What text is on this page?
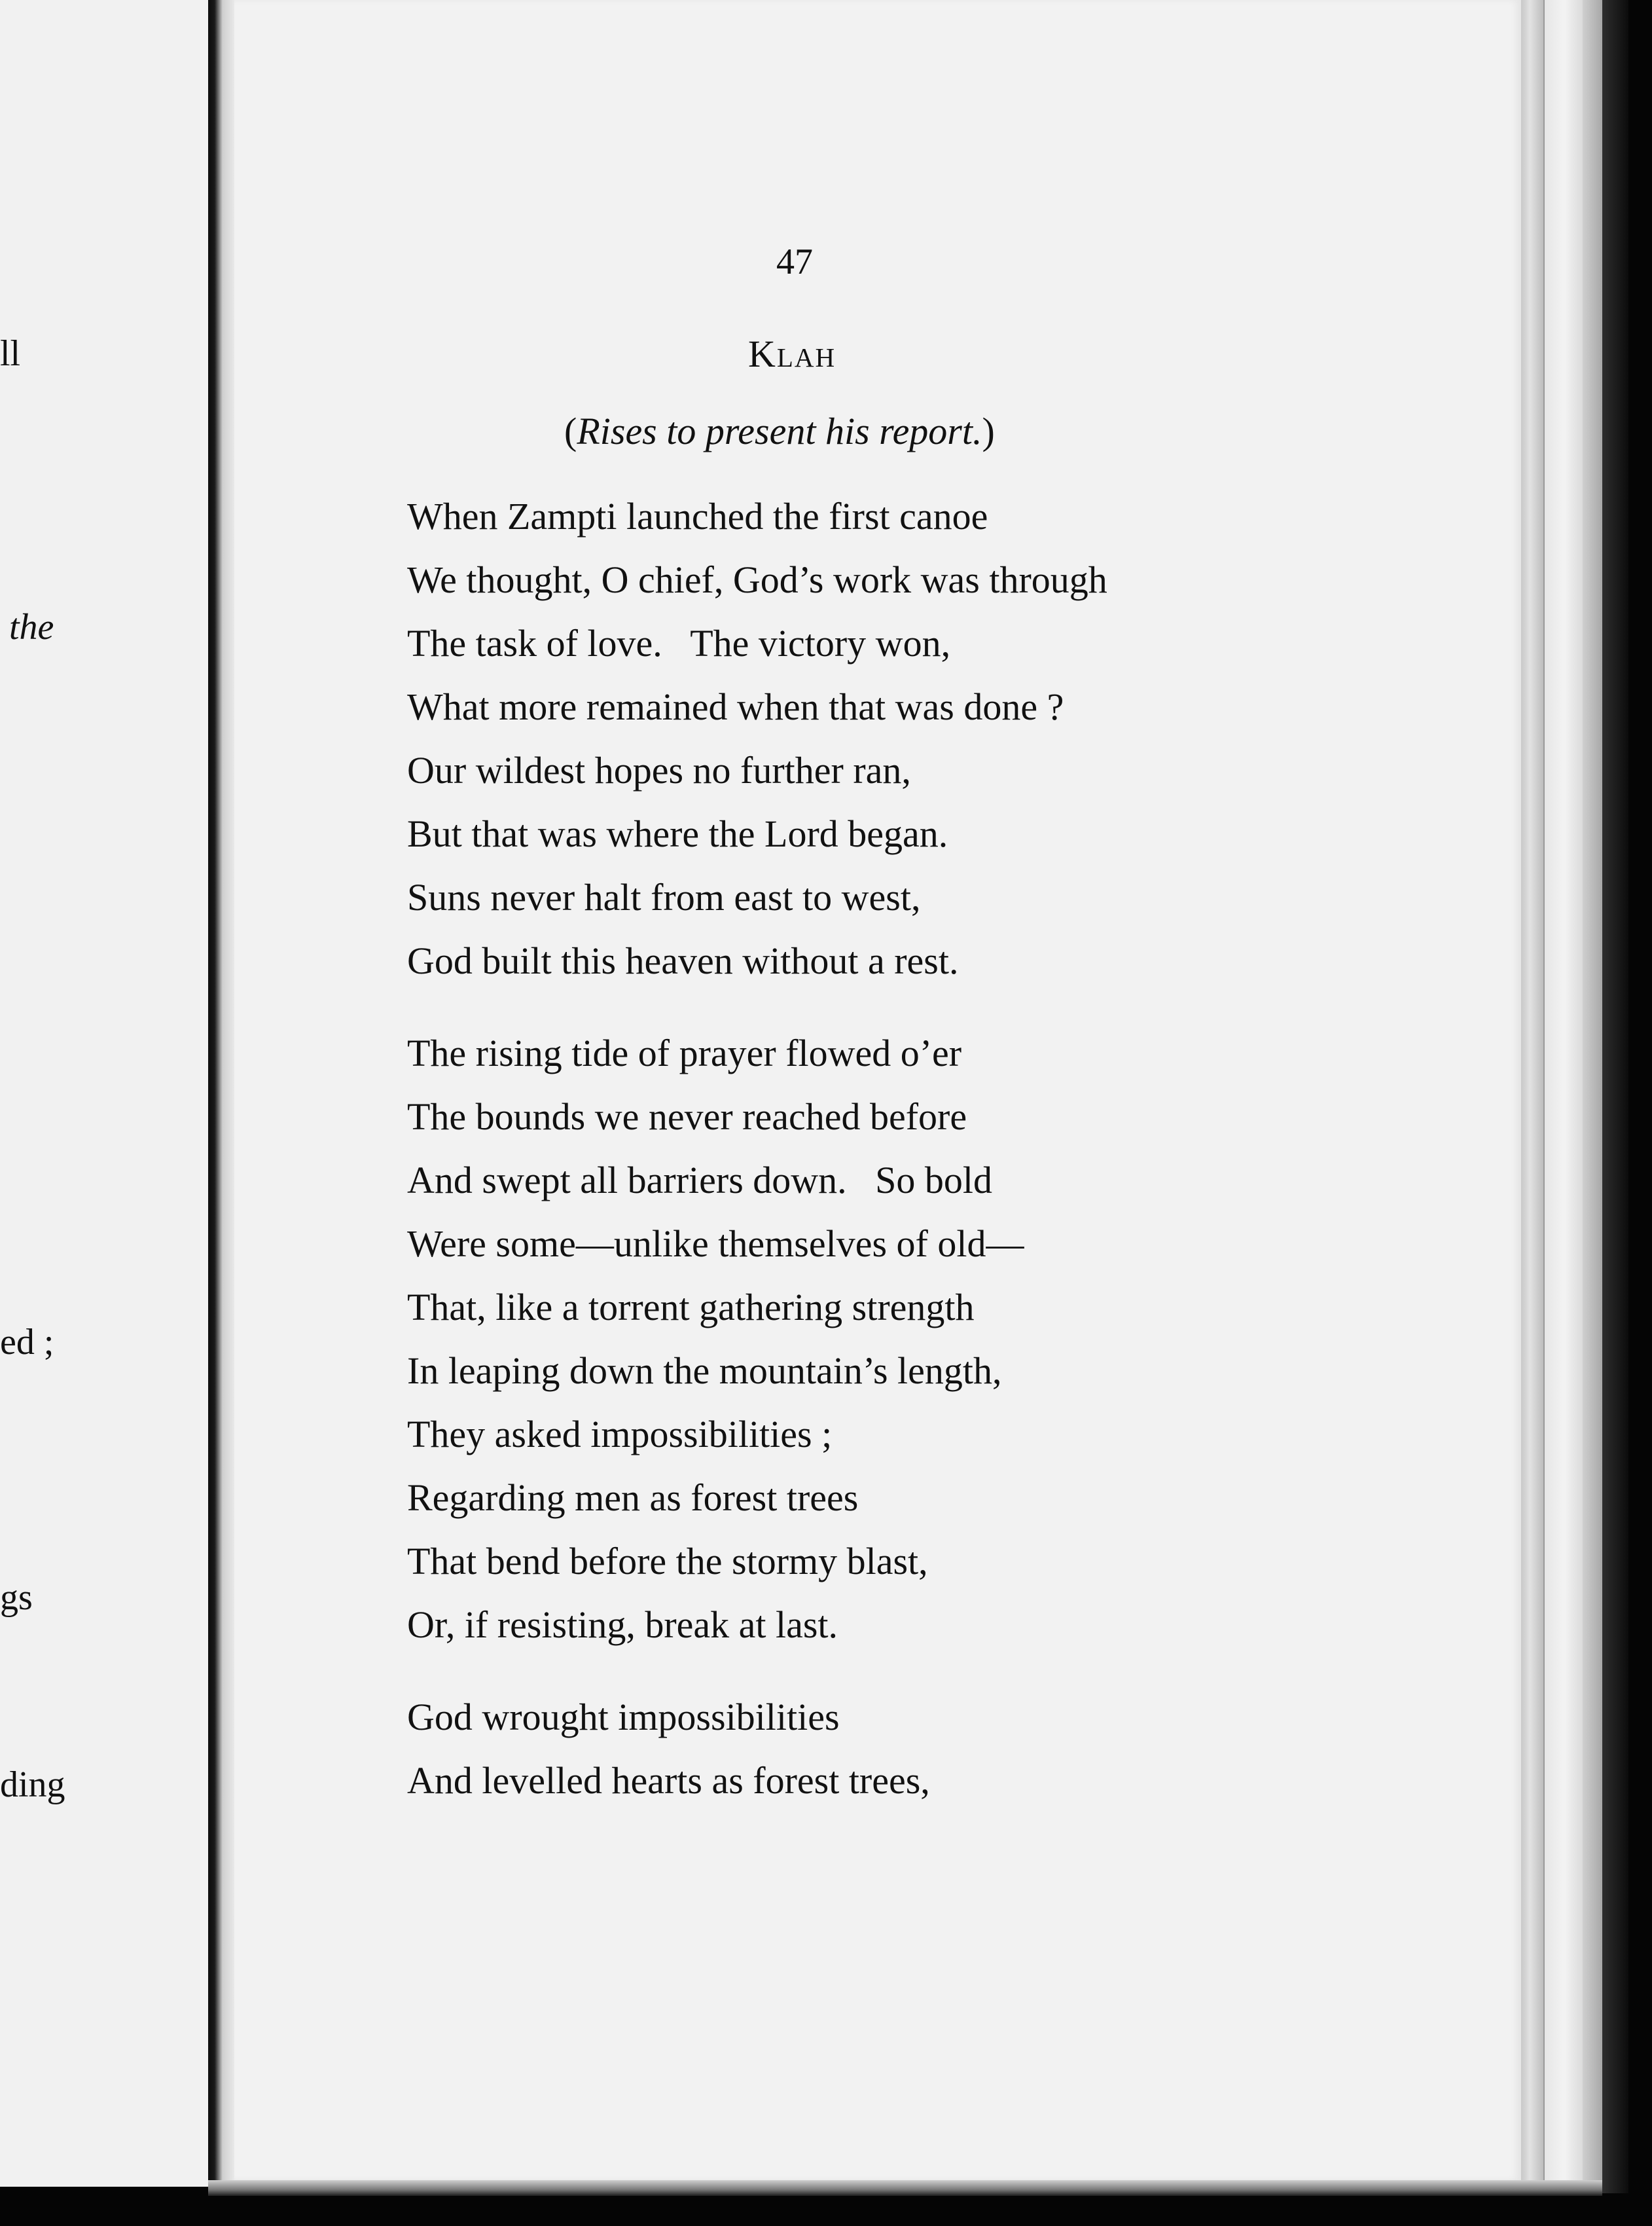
ll
the
ed ;
gs
ding
47
Klah
(Rises to present his report.)
When Zampti launched the first canoe
We thought, O chief, God’s work was through
The task of love.   The victory won,
What more remained when that was done ?
Our wildest hopes no further ran,
But that was where the Lord began.
Suns never halt from east to west,
God built this heaven without a rest.
The rising tide of prayer flowed o’er
The bounds we never reached before
And swept all barriers down.   So bold
Were some—unlike themselves of old—
That, like a torrent gathering strength
In leaping down the mountain’s length,
They asked impossibilities ;
Regarding men as forest trees
That bend before the stormy blast,
Or, if resisting, break at last.
God wrought impossibilities
And levelled hearts as forest trees,
